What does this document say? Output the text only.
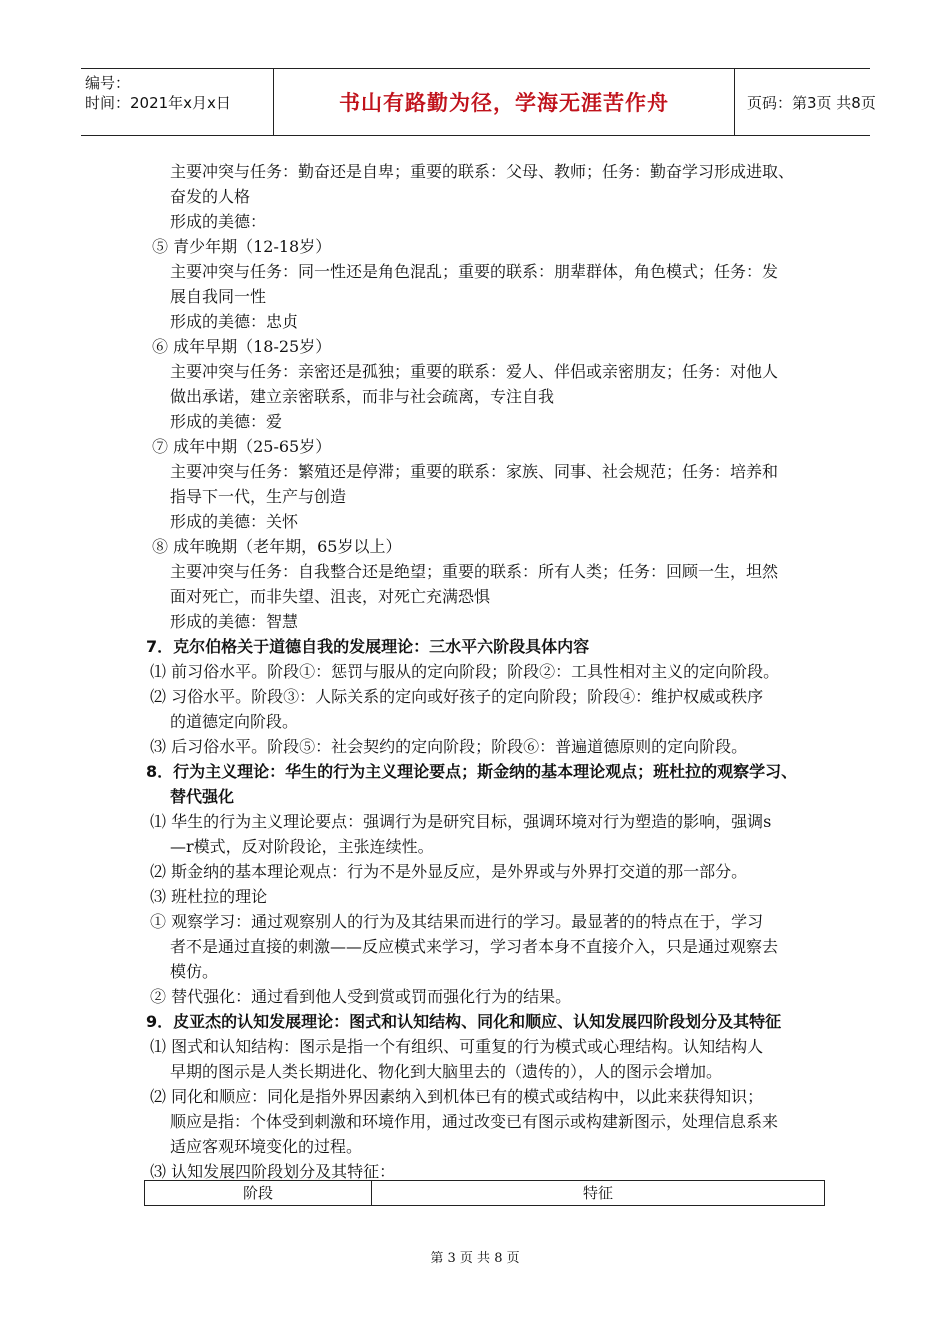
编号：
时间：2021年x月x日	书山有路勤为径，学海无涯苦作舟	页码：第3页 共8页
主要冲突与任务：勤奋还是自卑；重要的联系：父母、教师；任务：勤奋学习形成进取、
奋发的人格
形成的美德：
⑤ 青少年期（12-18岁）
主要冲突与任务：同一性还是角色混乱；重要的联系：朋辈群体，角色模式；任务：发
展自我同一性
形成的美德：忠贞
⑥ 成年早期（18-25岁）
主要冲突与任务：亲密还是孤独；重要的联系：爱人、伴侣或亲密朋友；任务：对他人
做出承诺，建立亲密联系，而非与社会疏离，专注自我
形成的美德：爱
⑦ 成年中期（25-65岁）
主要冲突与任务：繁殖还是停滞；重要的联系：家族、同事、社会规范；任务：培养和
指导下一代，生产与创造
形成的美德：关怀
⑧ 成年晚期（老年期，65岁以上）
主要冲突与任务：自我整合还是绝望；重要的联系：所有人类；任务：回顾一生，坦然
面对死亡，而非失望、沮丧，对死亡充满恐惧
形成的美德：智慧
7．克尔伯格关于道德自我的发展理论：三水平六阶段具体内容
⑴ 前习俗水平。阶段①：惩罚与服从的定向阶段；阶段②：工具性相对主义的定向阶段。
⑵ 习俗水平。阶段③：人际关系的定向或好孩子的定向阶段；阶段④：维护权威或秩序
的道德定向阶段。
⑶ 后习俗水平。阶段⑤：社会契约的定向阶段；阶段⑥：普遍道德原则的定向阶段。
8．行为主义理论：华生的行为主义理论要点；斯金纳的基本理论观点；班杜拉的观察学习、
替代强化
⑴ 华生的行为主义理论要点：强调行为是研究目标，强调环境对行为塑造的影响，强调s
—r模式，反对阶段论，主张连续性。
⑵ 斯金纳的基本理论观点：行为不是外显反应，是外界或与外界打交道的那一部分。
⑶ 班杜拉的理论
① 观察学习：通过观察别人的行为及其结果而进行的学习。最显著的的特点在于，学习
者不是通过直接的刺激——反应模式来学习，学习者本身不直接介入，只是通过观察去
模仿。
② 替代强化：通过看到他人受到赏或罚而强化行为的结果。
9．皮亚杰的认知发展理论：图式和认知结构、同化和顺应、认知发展四阶段划分及其特征
⑴ 图式和认知结构：图示是指一个有组织、可重复的行为模式或心理结构。认知结构人
早期的图示是人类长期进化、物化到大脑里去的（遗传的），人的图示会增加。
⑵ 同化和顺应：同化是指外界因素纳入到机体已有的模式或结构中，以此来获得知识；
顺应是指：个体受到刺激和环境作用，通过改变已有图示或构建新图示，处理信息系来
适应客观环境变化的过程。
⑶ 认知发展四阶段划分及其特征：
阶段	特征
第 3 页 共 8 页
